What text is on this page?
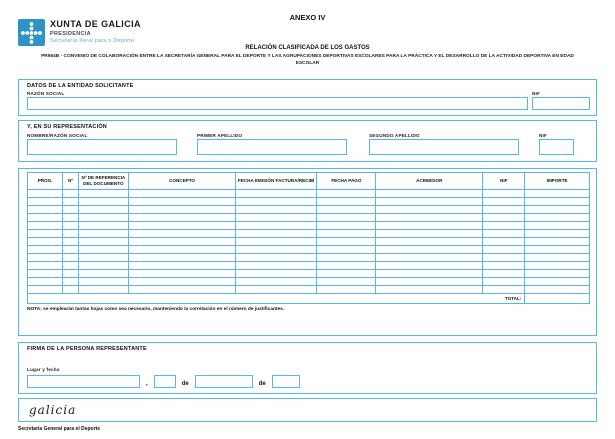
XUNTA DE GALICIA
PRESIDENCIA
Secretaría Xeral para o Deporte
ANEXO IV
RELACIÓN CLASIFICADA DE LOS GASTOS
PR954B - CONVENIO DE COLABORACIÓN ENTRE LA SECRETARÍA GENERAL PARA EL DEPORTE Y LAS AGRUPACIONES DEPORTIVAS ESCOLARES PARA LA PRÁCTICA Y EL DESARROLLO DE LA ACTIVIDAD DEPORTIVA EN EDAD ESCOLAR
DATOS DE LA ENTIDAD SOLICITANTE
RAZÓN SOCIAL	NIF
Y, EN SU REPRESENTACIÓN
NOMBRE/RAZÓN SOCIAL	PRIMER APELLIDO	SEGUNDO APELLIDO	NIF
PROG.	Nº	Nº DE REFERENCIA DEL DOCUMENTO	CONCEPTO	FECHA EMISIÓN FACTURA/RECIBÍ	FECHA PAGO	ACREEDOR	NIF	IMPORTE

TOTAL:								
NOTA: se emplearán tantas hojas como sea necesario, manteniendo la correlación en el número de justificantes.
FIRMA DE LA PERSONA REPRESENTANTE
Lugar y fecha
,	de	de
galicia
Secretaría General para el Deporte
